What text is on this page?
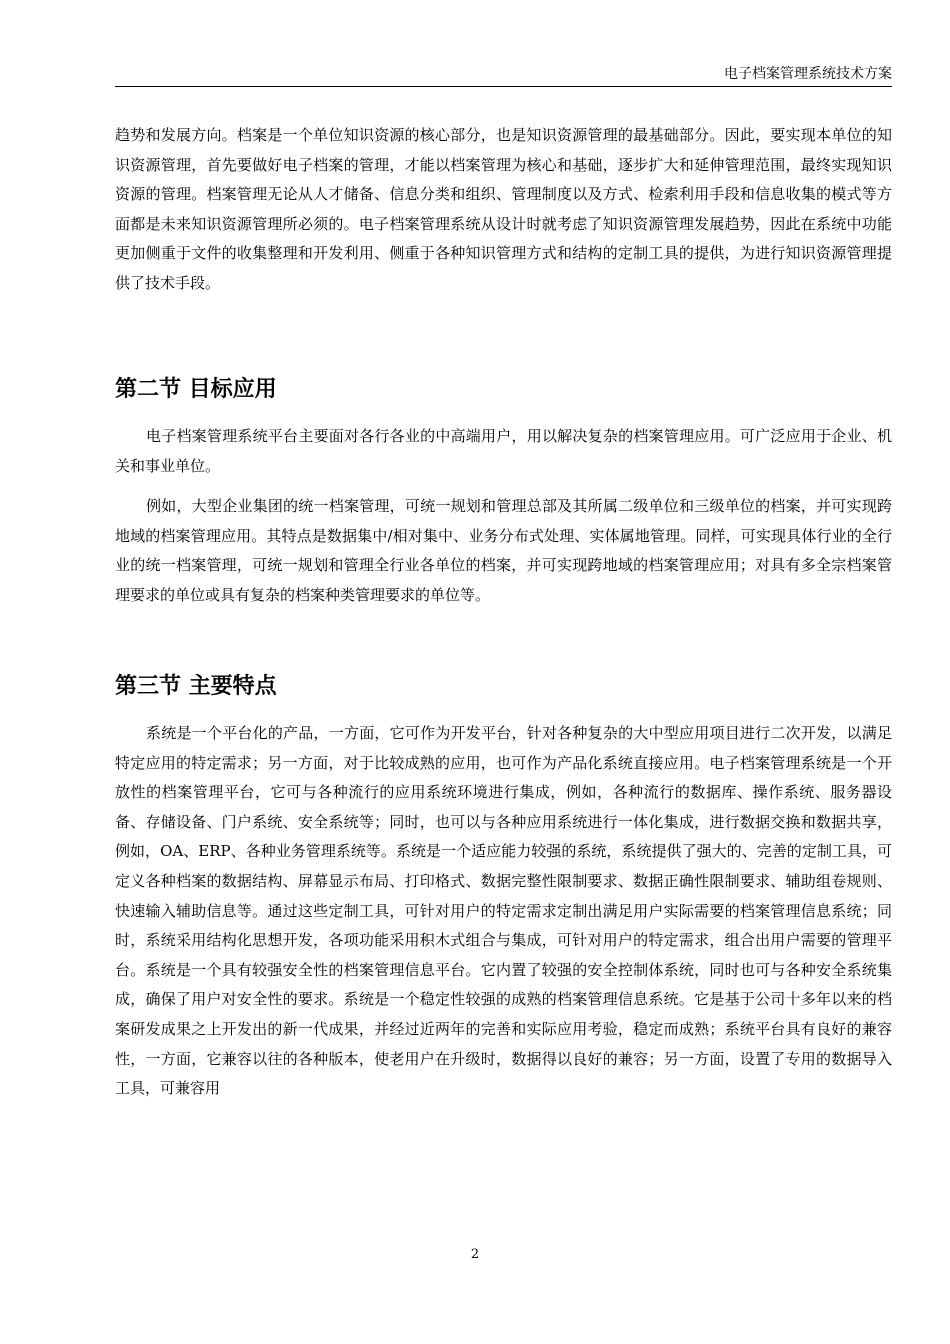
电子档案管理系统技术方案

趋势和发展方向。档案是一个单位知识资源的核心部分，也是知识资源管理的最基础部分。因此，要实现本单位的知识资源管理，首先要做好电子档案的管理，才能以档案管理为核心和基础，逐步扩大和延伸管理范围，最终实现知识资源的管理。档案管理无论从人才储备、信息分类和组织、管理制度以及方式、检索利用手段和信息收集的模式等方面都是未来知识资源管理所必须的。电子档案管理系统从设计时就考虑了知识资源管理发展趋势，因此在系统中功能更加侧重于文件的收集整理和开发利用、侧重于各种知识管理方式和结构的定制工具的提供，为进行知识资源管理提供了技术手段。

第二节 目标应用

电子档案管理系统平台主要面对各行各业的中高端用户，用以解决复杂的档案管理应用。可广泛应用于企业、机关和事业单位。

例如，大型企业集团的统一档案管理，可统一规划和管理总部及其所属二级单位和三级单位的档案，并可实现跨地域的档案管理应用。其特点是数据集中/相对集中、业务分布式处理、实体属地管理。同样，可实现具体行业的全行业的统一档案管理，可统一规划和管理全行业各单位的档案，并可实现跨地域的档案管理应用；对具有多全宗档案管理要求的单位或具有复杂的档案种类管理要求的单位等。

第三节 主要特点

系统是一个平台化的产品，一方面，它可作为开发平台，针对各种复杂的大中型应用项目进行二次开发，以满足特定应用的特定需求；另一方面，对于比较成熟的应用，也可作为产品化系统直接应用。电子档案管理系统是一个开放性的档案管理平台，它可与各种流行的应用系统环境进行集成，例如，各种流行的数据库、操作系统、服务器设备、存储设备、门户系统、安全系统等；同时，也可以与各种应用系统进行一体化集成，进行数据交换和数据共享，例如，OA、ERP、各种业务管理系统等。系统是一个适应能力较强的系统，系统提供了强大的、完善的定制工具，可定义各种档案的数据结构、屏幕显示布局、打印格式、数据完整性限制要求、数据正确性限制要求、辅助组卷规则、快速输入辅助信息等。通过这些定制工具，可针对用户的特定需求定制出满足用户实际需要的档案管理信息系统；同时，系统采用结构化思想开发，各项功能采用积木式组合与集成，可针对用户的特定需求，组合出用户需要的管理平台。系统是一个具有较强安全性的档案管理信息平台。它内置了较强的安全控制体系统，同时也可与各种安全系统集成，确保了用户对安全性的要求。系统是一个稳定性较强的成熟的档案管理信息系统。它是基于公司十多年以来的档案研发成果之上开发出的新一代成果，并经过近两年的完善和实际应用考验，稳定而成熟；系统平台具有良好的兼容性，一方面，它兼容以往的各种版本，使老用户在升级时，数据得以良好的兼容；另一方面，设置了专用的数据导入工具，可兼容用

2
